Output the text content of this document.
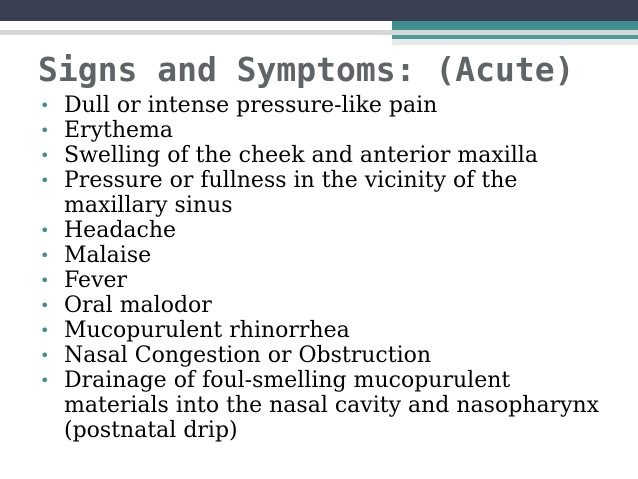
Signs and Symptoms: (Acute)
• Dull or intense pressure-like pain
• Erythema
• Swelling of the cheek and anterior maxilla
• Pressure or fullness in the vicinity of the
maxillary sinus
• Headache
• Malaise
• Fever
• Oral malodor
• Mucopurulent rhinorrhea
• Nasal Congestion or Obstruction
• Drainage of foul-smelling mucopurulent
materials into the nasal cavity and nasopharynx
(postnatal drip)
